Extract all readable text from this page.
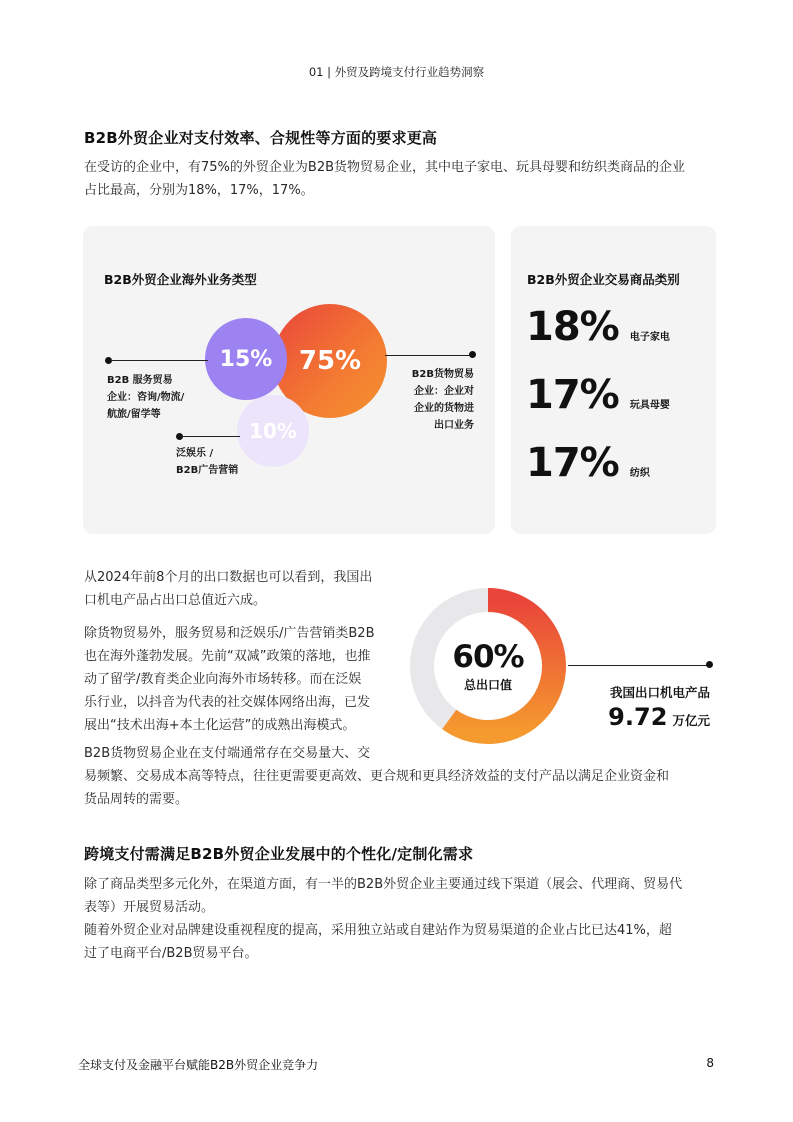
01 | 外贸及跨境支付行业趋势洞察
B2B外贸企业对支付效率、合规性等方面的要求更高
在受访的企业中，有75%的外贸企业为B2B货物贸易企业，其中电子家电、玩具母婴和纺织类商品的企业
占比最高，分别为18%，17%，17%。
B2B外贸企业海外业务类型
75%
15%
10%
B2B 服务贸易
企业：咨询/物流/
航旅/留学等
B2B货物贸易
企业：企业对
企业的货物进
出口业务
泛娱乐 /
B2B广告营销
B2B外贸企业交易商品类别
18% 电子家电
17% 玩具母婴
17% 纺织
从2024年前8个月的出口数据也可以看到，我国出
口机电产品占出口总值近六成。
除货物贸易外，服务贸易和泛娱乐/广告营销类B2B
也在海外蓬勃发展。先前“双减”政策的落地，也推
动了留学/教育类企业向海外市场转移。而在泛娱
乐行业，以抖音为代表的社交媒体网络出海，已发
展出“技术出海+本土化运营”的成熟出海模式。
B2B货物贸易企业在支付端通常存在交易量大、交
易频繁、交易成本高等特点，往往更需要更高效、更合规和更具经济效益的支付产品以满足企业资金和
货品周转的需要。
60%
总出口值	我国出口机电产品
9.72 万亿元
跨境支付需满足B2B外贸企业发展中的个性化/定制化需求
除了商品类型多元化外，在渠道方面，有一半的B2B外贸企业主要通过线下渠道（展会、代理商、贸易代
表等）开展贸易活动。
随着外贸企业对品牌建设重视程度的提高，采用独立站或自建站作为贸易渠道的企业占比已达41%，超
过了电商平台/B2B贸易平台。
全球支付及金融平台赋能B2B外贸企业竞争力	8
